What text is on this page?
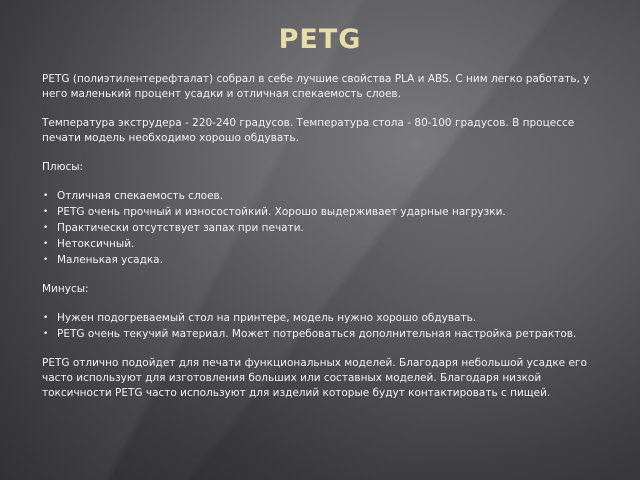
PETG

PETG (полиэтилентерефталат) собрал в себе лучшие свойства PLA и ABS. С ним легко работать, у него маленький процент усадки и отличная спекаемость слоев.

Температура экструдера - 220-240 градусов. Температура стола - 80-100 градусов. В процессе печати модель необходимо хорошо обдувать.

Плюсы:

• Отличная спекаемость слоев.
• PETG очень прочный и износостойкий. Хорошо выдерживает ударные нагрузки.
• Практически отсутствует запах при печати.
• Нетоксичный.
• Маленькая усадка.

Минусы:

• Нужен подогреваемый стол на принтере, модель нужно хорошо обдувать.
• PETG очень текучий материал. Может потребоваться дополнительная настройка ретрактов.

PETG отлично подойдет для печати функциональных моделей. Благодаря небольшой усадке его часто используют для изготовления больших или составных моделей. Благодаря низкой токсичности PETG часто используют для изделий которые будут контактировать с пищей.
